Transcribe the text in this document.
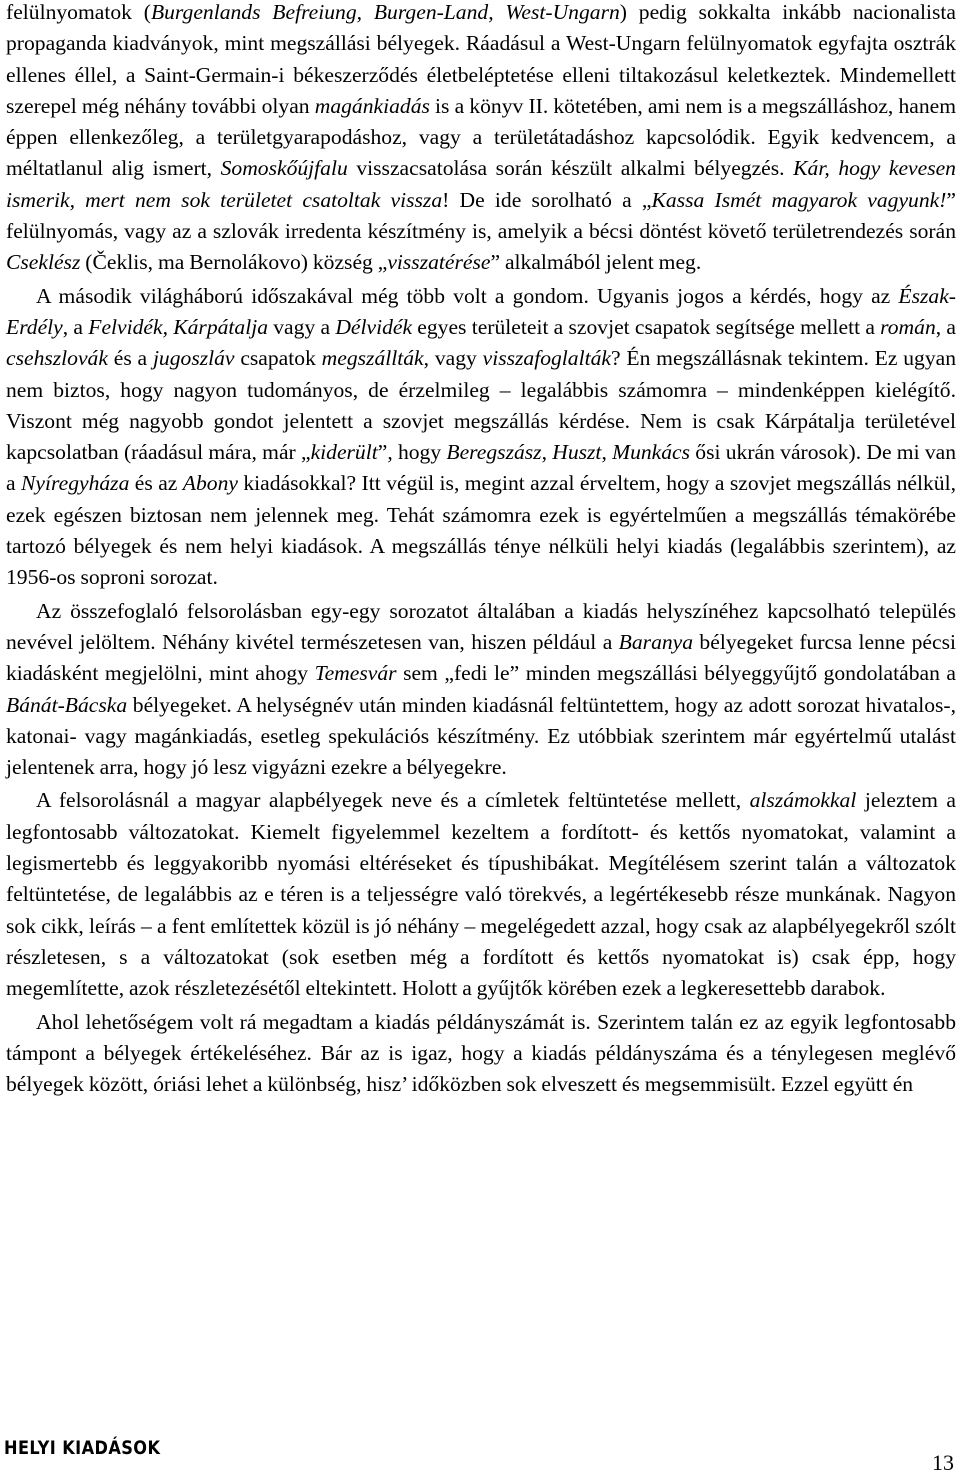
felülnyomatok (Burgenlands Befreiung, Burgen-Land, West-Ungarn) pedig sokkalta inkább nacionalista propaganda kiadványok, mint megszállási bélyegek. Ráadásul a West-Ungarn felülnyomatok egyfajta osztrák ellenes éllel, a Saint-Germain-i békeszerződés életbeléptetése elleni tiltakozásul keletkeztek. Mindemellett szerepel még néhány további olyan magánkiadás is a könyv II. kötetében, ami nem is a megszálláshoz, hanem éppen ellenkezőleg, a területgyarapodáshoz, vagy a területátadáshoz kapcsolódik. Egyik kedvencem, a méltatlanul alig ismert, Somoskőújfalu visszacsatolása során készült alkalmi bélyegzés. Kár, hogy kevesen ismerik, mert nem sok területet csatoltak vissza! De ide sorolható a „Kassa Ismét magyarok vagyunk!” felülnyomás, vagy az a szlovák irredenta készítmény is, amelyik a bécsi döntést követő területrendezés során Cseklész (Čeklis, ma Bernolákovo) község „visszatérése” alkalmából jelent meg.

A második világháború időszakával még több volt a gondom. Ugyanis jogos a kérdés, hogy az Észak-Erdély, a Felvidék, Kárpátalja vagy a Délvidék egyes területeit a szovjet csapatok segítsége mellett a román, a csehszlovák és a jugoszláv csapatok megszállták, vagy visszafoglalták? Én megszállásnak tekintem. Ez ugyan nem biztos, hogy nagyon tudományos, de érzelmileg – legalábbis számomra – mindenképpen kielégítő. Viszont még nagyobb gondot jelentett a szovjet megszállás kérdése. Nem is csak Kárpátalja területével kapcsolatban (ráadásul mára, már „kiderült”, hogy Beregszász, Huszt, Munkács ősi ukrán városok). De mi van a Nyíregyháza és az Abony kiadásokkal? Itt végül is, megint azzal érveltem, hogy a szovjet megszállás nélkül, ezek egészen biztosan nem jelennek meg. Tehát számomra ezek is egyértelműen a megszállás témakörébe tartozó bélyegek és nem helyi kiadások. A megszállás ténye nélküli helyi kiadás (legalábbis szerintem), az 1956-os soproni sorozat.

Az összefoglaló felsorolásban egy-egy sorozatot általában a kiadás helyszínéhez kapcsolható település nevével jelöltem. Néhány kivétel természetesen van, hiszen például a Baranya bélyegeket furcsa lenne pécsi kiadásként megjelölni, mint ahogy Temesvár sem „fedi le” minden megszállási bélyeggyűjtő gondolatában a Bánát-Bácska bélyegeket. A helységnév után minden kiadásnál feltüntettem, hogy az adott sorozat hivatalos-, katonai- vagy magánkiadás, esetleg spekulációs készítmény. Ez utóbbiak szerintem már egyértelmű utalást jelentenek arra, hogy jó lesz vigyázni ezekre a bélyegekre.

A felsorolásnál a magyar alapbélyegek neve és a címletek feltüntetése mellett, alszámokkal jeleztem a legfontosabb változatokat. Kiemelt figyelemmel kezeltem a fordított- és kettős nyomatokat, valamint a legismertebb és leggyakoribb nyomási eltéréseket és típushibákat. Megítélésem szerint talán a változatok feltüntetése, de legalábbis az e téren is a teljességre való törekvés, a legértékesebb része munkának. Nagyon sok cikk, leírás – a fent említettek közül is jó néhány – megelégedett azzal, hogy csak az alapbélyegekről szólt részletesen, s a változatokat (sok esetben még a fordított és kettős nyomatokat is) csak épp, hogy megemlítette, azok részletezésétől eltekintett. Holott a gyűjtők körében ezek a legkeresettebb darabok.

Ahol lehetőségem volt rá megadtam a kiadás példányszámát is. Szerintem talán ez az egyik legfontosabb támpont a bélyegek értékeléséhez. Bár az is igaz, hogy a kiadás példányszáma és a ténylegesen meglévő bélyegek között, óriási lehet a különbség, hisz’ időközben sok elveszett és megsemmisült. Ezzel együtt én

HELYI KIADÁSOK
13
